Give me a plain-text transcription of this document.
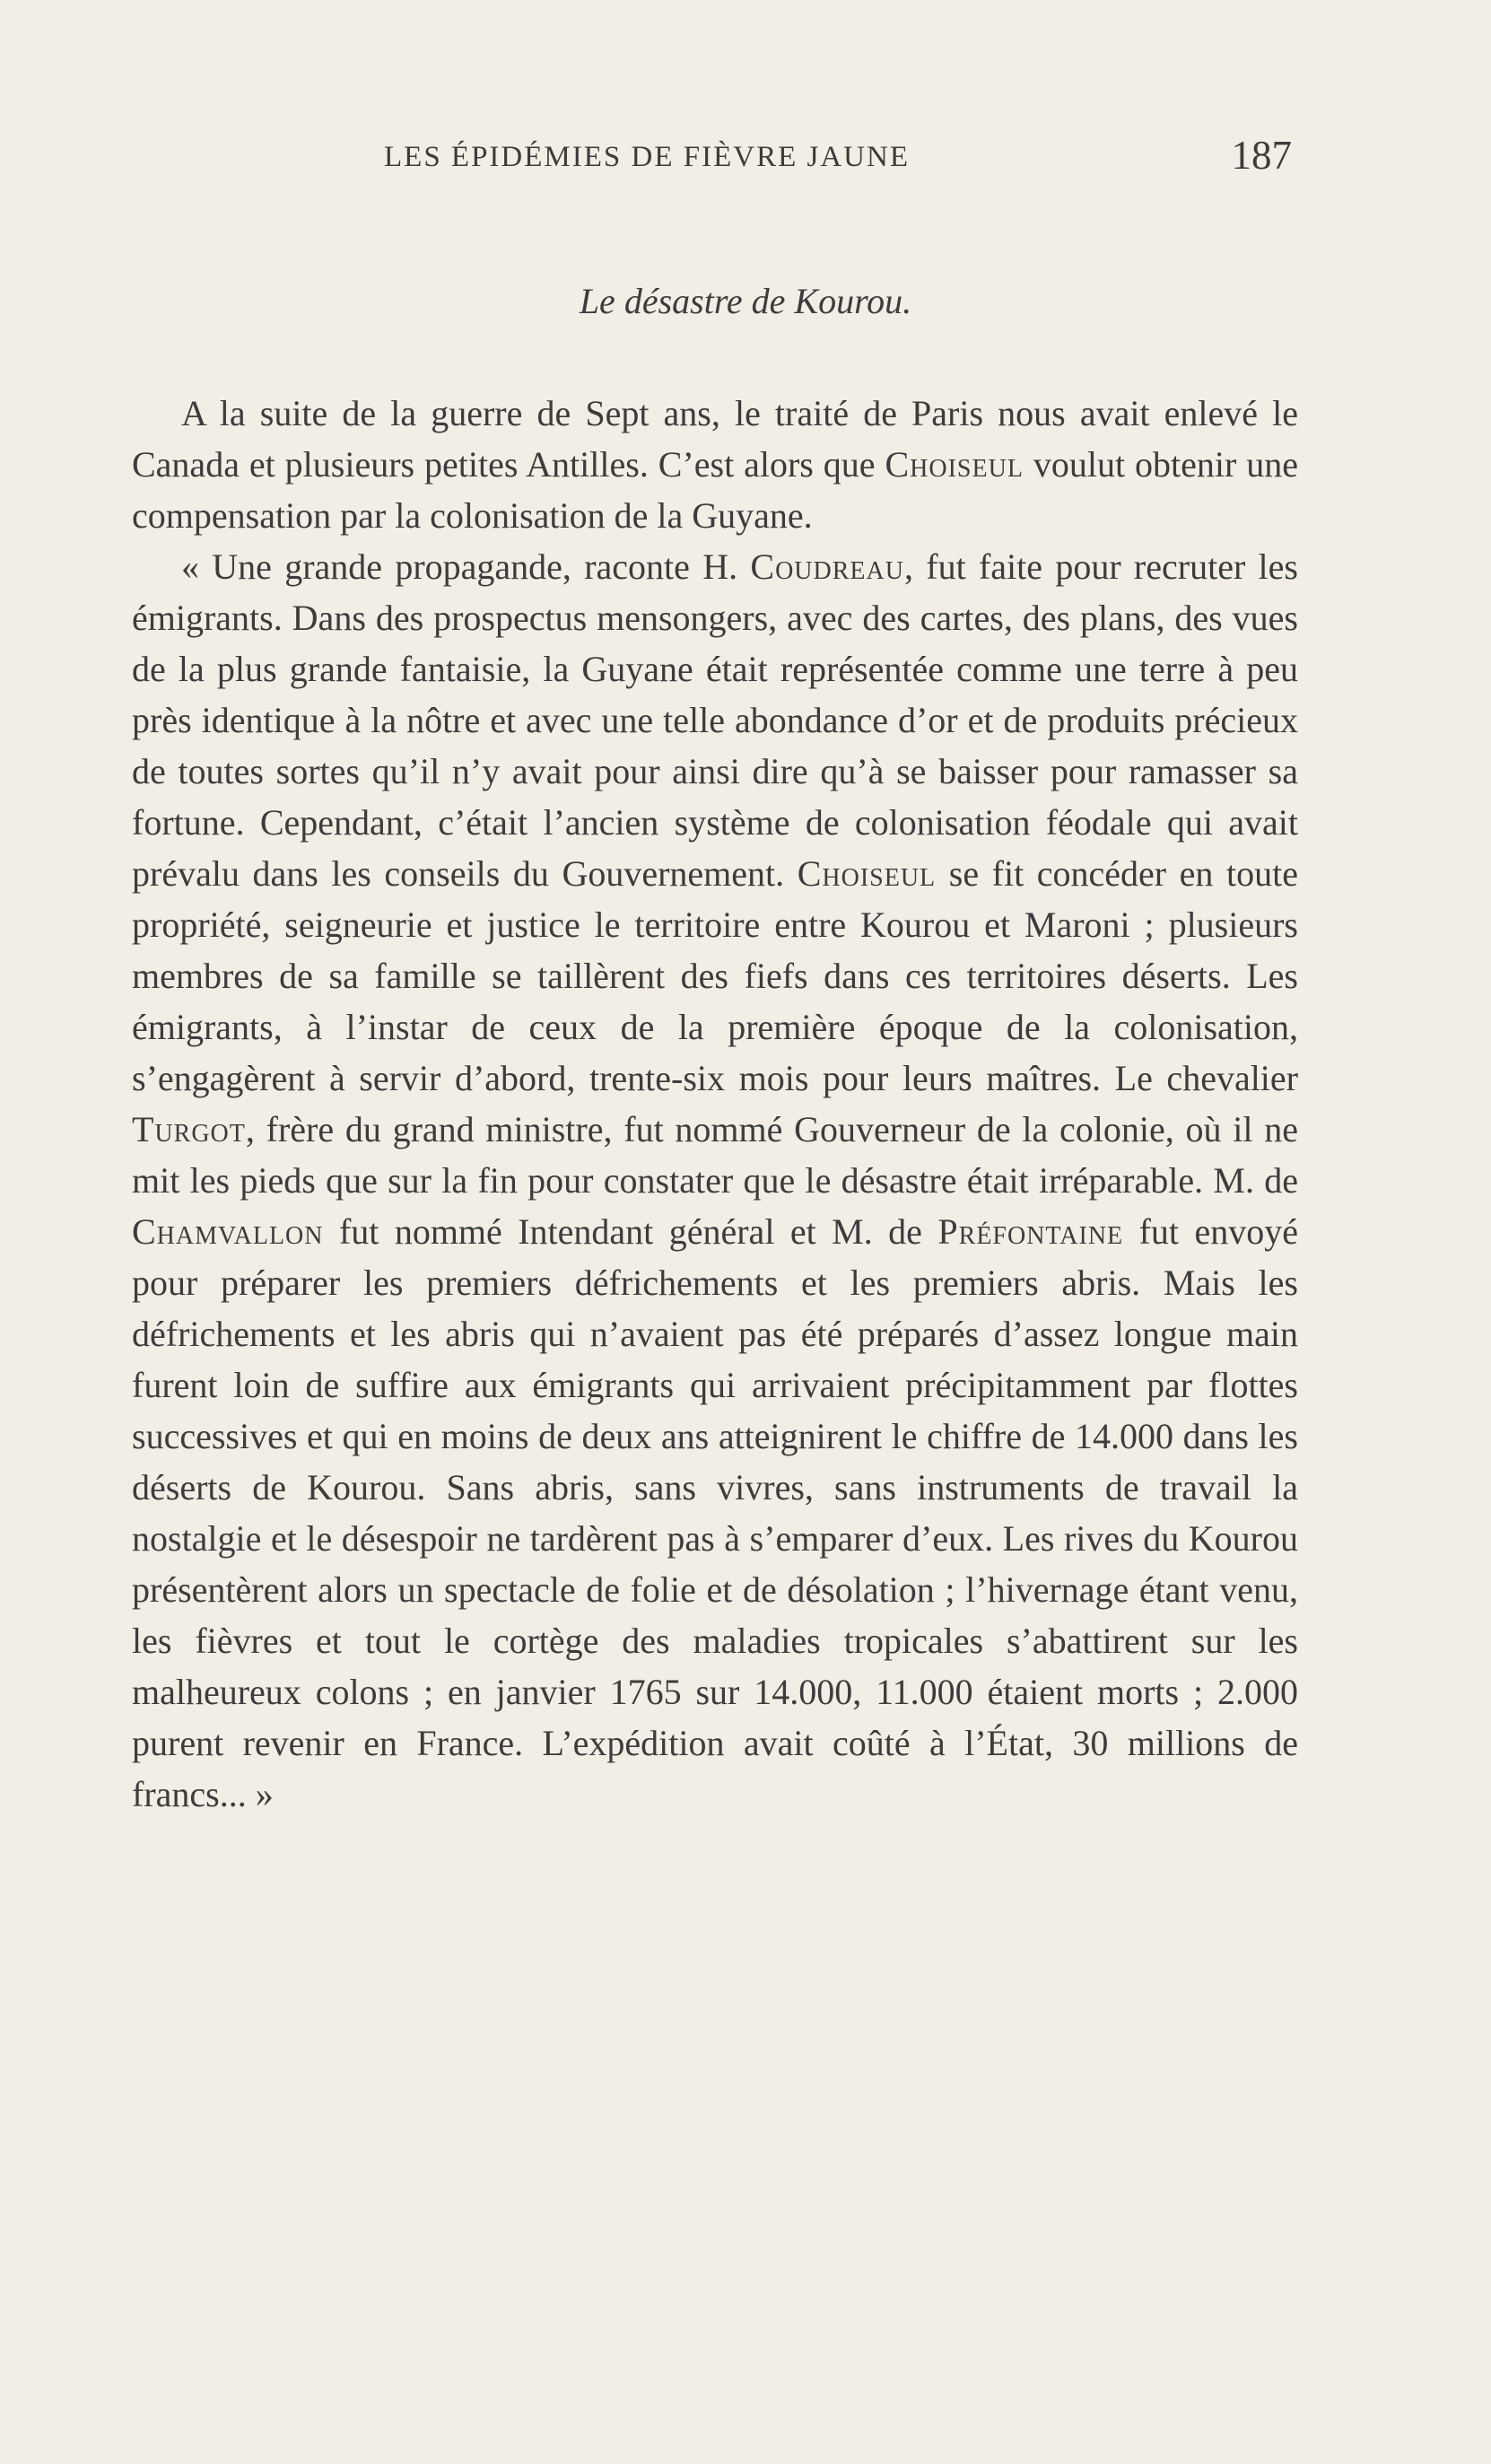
LES ÉPIDÉMIES DE FIÈVRE JAUNE	187
Le désastre de Kourou.

A la suite de la guerre de Sept ans, le traité de Paris nous avait enlevé le Canada et plusieurs petites Antilles. C’est alors que Choiseul voulut obtenir une compensation par la colonisation de la Guyane.

« Une grande propagande, raconte H. Coudreau, fut faite pour recruter les émigrants. Dans des prospectus mensongers, avec des cartes, des plans, des vues de la plus grande fantaisie, la Guyane était représentée comme une terre à peu près identique à la nôtre et avec une telle abondance d’or et de produits précieux de toutes sortes qu’il n’y avait pour ainsi dire qu’à se baisser pour ramasser sa fortune. Cependant, c’était l’ancien système de colonisation féodale qui avait prévalu dans les conseils du Gouvernement. Choiseul se fit concéder en toute propriété, seigneurie et justice le territoire entre Kourou et Maroni ; plusieurs membres de sa famille se taillèrent des fiefs dans ces territoires déserts. Les émigrants, à l’instar de ceux de la première époque de la colonisation, s’engagèrent à servir d’abord, trente-six mois pour leurs maîtres. Le chevalier Turgot, frère du grand ministre, fut nommé Gouverneur de la colonie, où il ne mit les pieds que sur la fin pour constater que le désastre était irréparable. M. de Chamvallon fut nommé Intendant général et M. de Préfontaine fut envoyé pour préparer les premiers défrichements et les premiers abris. Mais les défrichements et les abris qui n’avaient pas été préparés d’assez longue main furent loin de suffire aux émigrants qui arrivaient précipitamment par flottes successives et qui en moins de deux ans atteignirent le chiffre de 14.000 dans les déserts de Kourou. Sans abris, sans vivres, sans instruments de travail la nostalgie et le désespoir ne tardèrent pas à s’emparer d’eux. Les rives du Kourou présentèrent alors un spectacle de folie et de désolation ; l’hivernage étant venu, les fièvres et tout le cortège des maladies tropicales s’abattirent sur les malheureux colons ; en janvier 1765 sur 14.000, 11.000 étaient morts ; 2.000 purent revenir en France. L’expédition avait coûté à l’État, 30 millions de francs... »
